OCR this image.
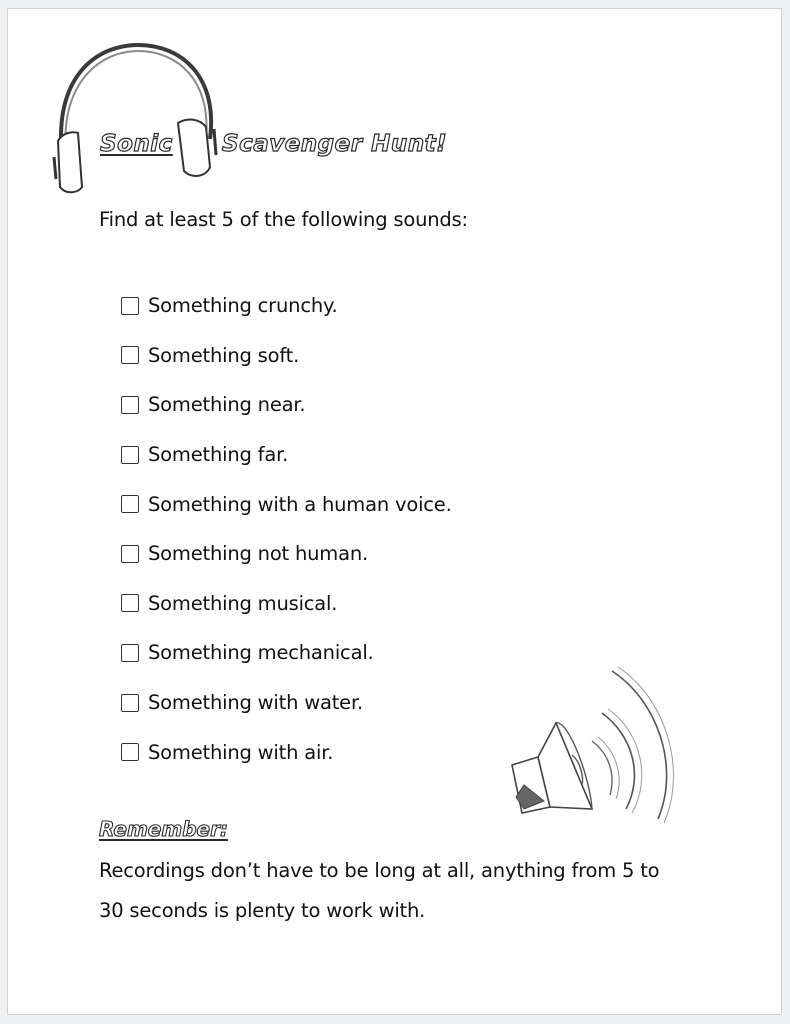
Sonic Scavenger Hunt!
Find at least 5 of the following sounds:
Something crunchy.
Something soft.
Something near.
Something far.
Something with a human voice.
Something not human.
Something musical.
Something mechanical.
Something with water.
Something with air.
Remember:
Recordings don’t have to be long at all, anything from 5 to 30 seconds is plenty to work with.
